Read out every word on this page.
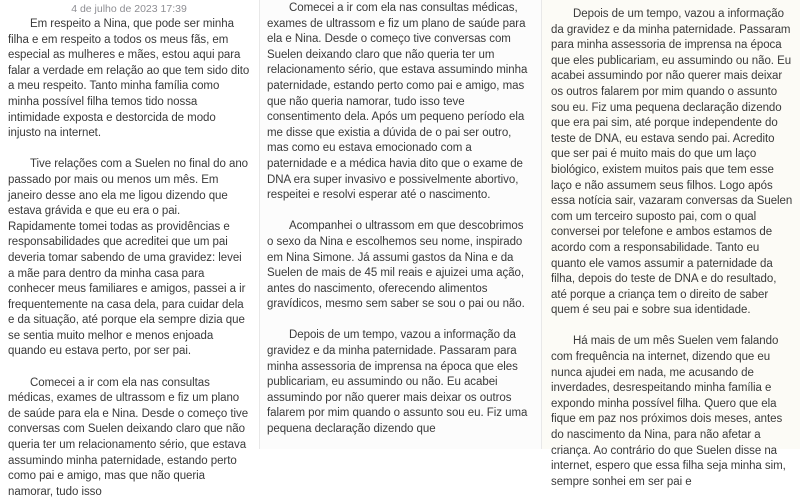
4 de julho de 2023 17:39

Em respeito a Nina, que pode ser minha filha e em respeito a todos os meus fãs, em especial as mulheres e mães, estou aqui para falar a verdade em relação ao que tem sido dito a meu respeito. Tanto minha família como minha possível filha temos tido nossa intimidade exposta e destorcida de modo injusto na internet.

Tive relações com a Suelen no final do ano passado por mais ou menos um mês. Em janeiro desse ano ela me ligou dizendo que estava grávida e que eu era o pai. Rapidamente tomei todas as providências e responsabilidades que acreditei que um pai deveria tomar sabendo de uma gravidez: levei a mãe para dentro da minha casa para conhecer meus familiares e amigos, passei a ir frequentemente na casa dela, para cuidar dela e da situação, até porque ela sempre dizia que se sentia muito melhor e menos enjoada quando eu estava perto, por ser pai.

Comecei a ir com ela nas consultas médicas, exames de ultrassom e fiz um plano de saúde para ela e Nina. Desde o começo tive conversas com Suelen deixando claro que não queria ter um relacionamento sério, que estava assumindo minha paternidade, estando perto como pai e amigo, mas que não queria namorar, tudo isso

Comecei a ir com ela nas consultas médicas, exames de ultrassom e fiz um plano de saúde para ela e Nina. Desde o começo tive conversas com Suelen deixando claro que não queria ter um relacionamento sério, que estava assumindo minha paternidade, estando perto como pai e amigo, mas que não queria namorar, tudo isso teve consentimento dela. Após um pequeno período ela me disse que existia a dúvida de o pai ser outro, mas como eu estava emocionado com a paternidade e a médica havia dito que o exame de DNA era super invasivo e possivelmente abortivo, respeitei e resolvi esperar até o nascimento.

Acompanhei o ultrassom em que descobrimos o sexo da Nina e escolhemos seu nome, inspirado em Nina Simone. Já assumi gastos da Nina e da Suelen de mais de 45 mil reais e ajuizei uma ação, antes do nascimento, oferecendo alimentos gravídicos, mesmo sem saber se sou o pai ou não.

Depois de um tempo, vazou a informação da gravidez e da minha paternidade. Passaram para minha assessoria de imprensa na época que eles publicariam, eu assumindo ou não. Eu acabei assumindo por não querer mais deixar os outros falarem por mim quando o assunto sou eu. Fiz uma pequena declaração dizendo que

Depois de um tempo, vazou a informação da gravidez e da minha paternidade. Passaram para minha assessoria de imprensa na época que eles publicariam, eu assumindo ou não. Eu acabei assumindo por não querer mais deixar os outros falarem por mim quando o assunto sou eu. Fiz uma pequena declaração dizendo que era pai sim, até porque independente do teste de DNA, eu estava sendo pai. Acredito que ser pai é muito mais do que um laço biológico, existem muitos pais que tem esse laço e não assumem seus filhos. Logo após essa notícia sair, vazaram conversas da Suelen com um terceiro suposto pai, com o qual conversei por telefone e ambos estamos de acordo com a responsabilidade. Tanto eu quanto ele vamos assumir a paternidade da filha, depois do teste de DNA e do resultado, até porque a criança tem o direito de saber quem é seu pai e sobre sua identidade.

Há mais de um mês Suelen vem falando com frequência na internet, dizendo que eu nunca ajudei em nada, me acusando de inverdades, desrespeitando minha família e expondo minha possível filha. Quero que ela fique em paz nos próximos dois meses, antes do nascimento da Nina, para não afetar a criança. Ao contrário do que Suelen disse na internet, espero que essa filha seja minha sim, sempre sonhei em ser pai e
